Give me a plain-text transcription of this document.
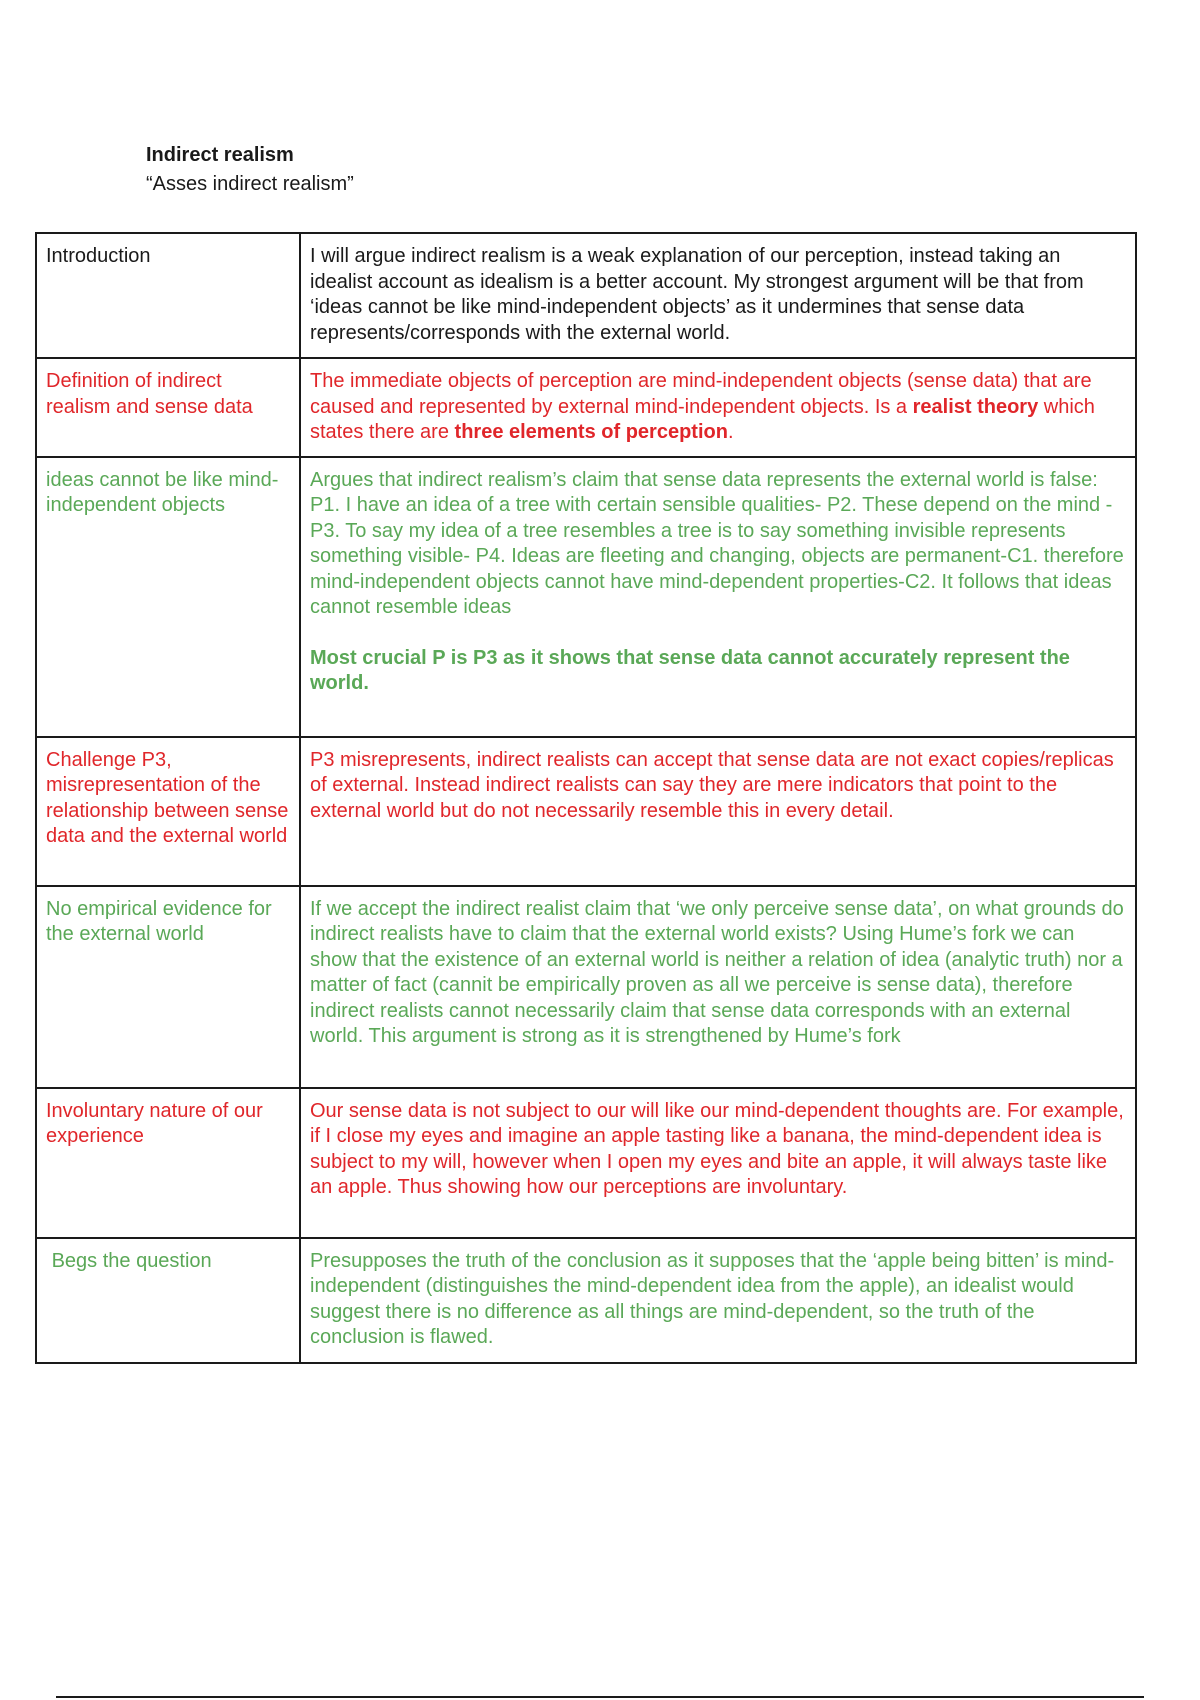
Indirect realism
“Asses indirect realism”
Introduction	I will argue indirect realism is a weak explanation of our perception, instead taking an idealist account as idealism is a better account. My strongest argument will be that from ‘ideas cannot be like mind-independent objects’ as it undermines that sense data represents/corresponds with the external world.
Definition of indirect realism and sense data	The immediate objects of perception are mind-independent objects (sense data) that are caused and represented by external mind-independent objects. Is a realist theory which states there are three elements of perception.
ideas cannot be like mind-independent objects	Argues that indirect realism’s claim that sense data represents the external world is false:
P1. I have an idea of a tree with certain sensible qualities- P2. These depend on the mind -P3. To say my idea of a tree resembles a tree is to say something invisible represents something visible- P4. Ideas are fleeting and changing, objects are permanent-C1. therefore mind-independent objects cannot have mind-dependent properties-C2. It follows that ideas cannot resemble ideas
Most crucial P is P3 as it shows that sense data cannot accurately represent the world.

Challenge P3, misrepresentation of the relationship between sense data and the external world	P3 misrepresents, indirect realists can accept that sense data are not exact copies/replicas of external. Instead indirect realists can say they are mere indicators that point to the external world but do not necessarily resemble this in every detail.
No empirical evidence for the external world	If we accept the indirect realist claim that ‘we only perceive sense data’, on what grounds do indirect realists have to claim that the external world exists? Using Hume’s fork we can show that the existence of an external world is neither a relation of idea (analytic truth) nor a matter of fact (cannit be empirically proven as all we perceive is sense data), therefore indirect realists cannot necessarily claim that sense data corresponds with an external world. This argument is strong as it is strengthened by Hume’s fork
Involuntary nature of our experience	Our sense data is not subject to our will like our mind-dependent thoughts are. For example, if I close my eyes and imagine an apple tasting like a banana, the mind-dependent idea is subject to my will, however when I open my eyes and bite an apple, it will always taste like an apple. Thus showing how our perceptions are involuntary.
Begs the question	Presupposes the truth of the conclusion as it supposes that the ‘apple being bitten’ is mind-independent (distinguishes the mind-dependent idea from the apple), an idealist would suggest there is no difference as all things are mind-dependent, so the truth of the conclusion is flawed.
